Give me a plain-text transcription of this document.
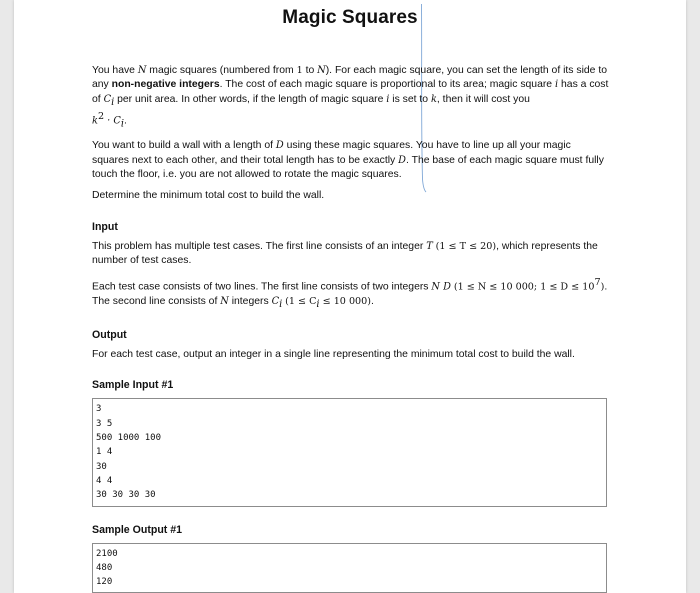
Magic Squares

You have N magic squares (numbered from 1 to N). For each magic square, you can set the length of its side to any non-negative integers. The cost of each magic square is proportional to its area; magic square i has a cost of $C_i$ per unit area. In other words, if the length of magic square i is set to k, then it will cost you
$k^2 \cdot C_i$.

You want to build a wall with a length of D using these magic squares. You have to line up all your magic squares next to each other, and their total length has to be exactly D. The base of each magic square must fully touch the floor, i.e. you are not allowed to rotate the magic squares.

Determine the minimum total cost to build the wall.

Input

This problem has multiple test cases. The first line consists of an integer T (1 ≤ T ≤ 20), which represents the number of test cases.

Each test case consists of two lines. The first line consists of two integers N D (1 ≤ N ≤ 10 000; $1 \le D \le 10^7$). The second line consists of N integers $C_i$ ($1 \le C_i \le 10$ 000).

Output

For each test case, output an integer in a single line representing the minimum total cost to build the wall.

Sample Input #1
3
3 5
500 1000 100
1 4
30
4 4
30 30 30 30
Sample Output #1
2100
480
120
